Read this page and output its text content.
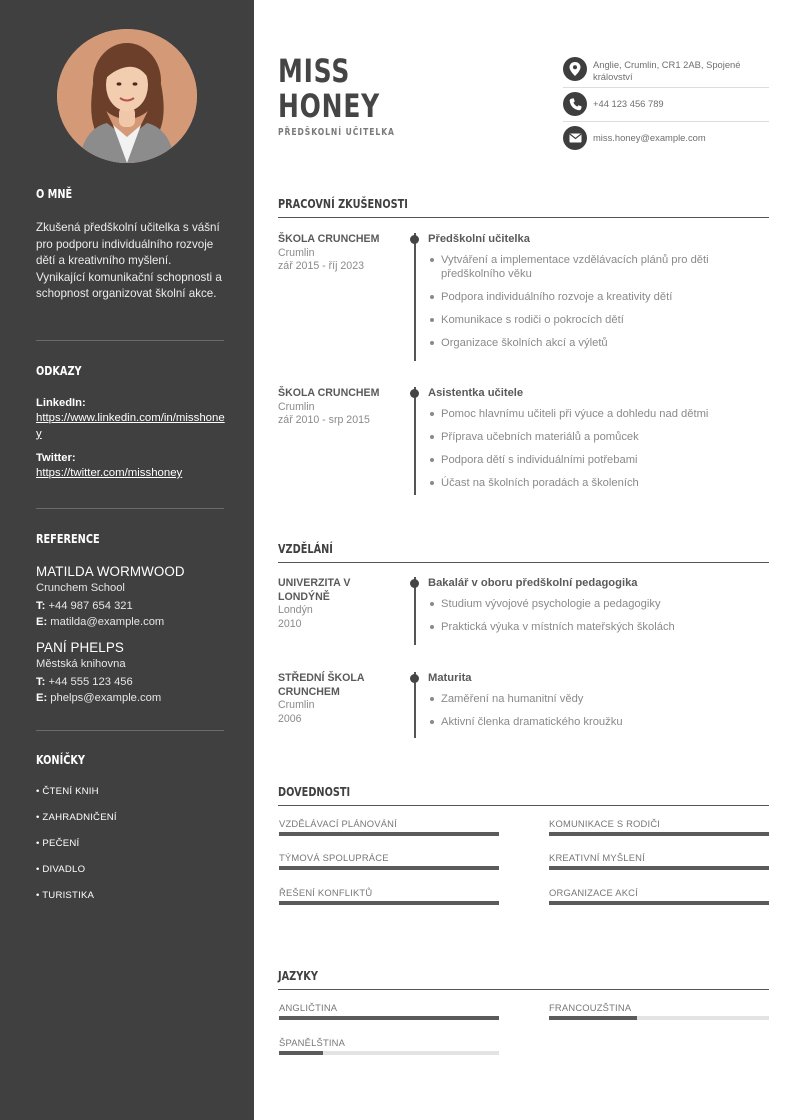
O MNĚ

Zkušená předškolní učitelka s vášní pro podporu individuálního rozvoje dětí a kreativního myšlení. Vynikající komunikační schopnosti a schopnost organizovat školní akce.

ODKAZY
LinkedIn:
https://www.linkedin.com/in/misshoney
Twitter:
https://twitter.com/misshoney
REFERENCE
MATILDA WORMWOOD
Crunchem School
T: +44 987 654 321
E: matilda@example.com
PANÍ PHELPS
Městská knihovna
T: +44 555 123 456
E: phelps@example.com
KONÍČKY
• ČTENÍ KNIH
• ZAHRADNIČENÍ
• PEČENÍ
• DIVADLO
• TURISTIKA
MISS
HONEY
PŘEDŠKOLNÍ UČITELKA
Anglie, Crumlin, CR1 2AB, Spojené království
+44 123 456 789
miss.honey@example.com
PRACOVNÍ ZKUŠENOSTI
ŠKOLA CRUNCHEM
Crumlin
zář 2015 - říj 2023
Předškolní učitelka
Vytváření a implementace vzdělávacích plánů pro děti předškolního věku
Podpora individuálního rozvoje a kreativity dětí
Komunikace s rodiči o pokrocích dětí
Organizace školních akcí a výletů
ŠKOLA CRUNCHEM
Crumlin
zář 2010 - srp 2015
Asistentka učitele
Pomoc hlavnímu učiteli při výuce a dohledu nad dětmi
Příprava učebních materiálů a pomůcek
Podpora dětí s individuálními potřebami
Účast na školních poradách a školeních
VZDĚLÁNÍ
UNIVERZITA V LONDÝNĚ
Londýn
2010
Bakalář v oboru předškolní pedagogika
Studium vývojové psychologie a pedagogiky
Praktická výuka v místních mateřských školách
STŘEDNÍ ŠKOLA CRUNCHEM
Crumlin
2006
Maturita
Zaměření na humanitní vědy
Aktivní členka dramatického kroužku
DOVEDNOSTI
VZDĚLÁVACÍ PLÁNOVÁNÍ	KOMUNIKACE S RODIČI
TÝMOVÁ SPOLUPRÁCE	KREATIVNÍ MYŠLENÍ
ŘEŠENÍ KONFLIKTŮ	ORGANIZACE AKCÍ
JAZYKY
ANGLIČTINA	FRANCOUZŠTINA
ŠPANĚLŠTINA
